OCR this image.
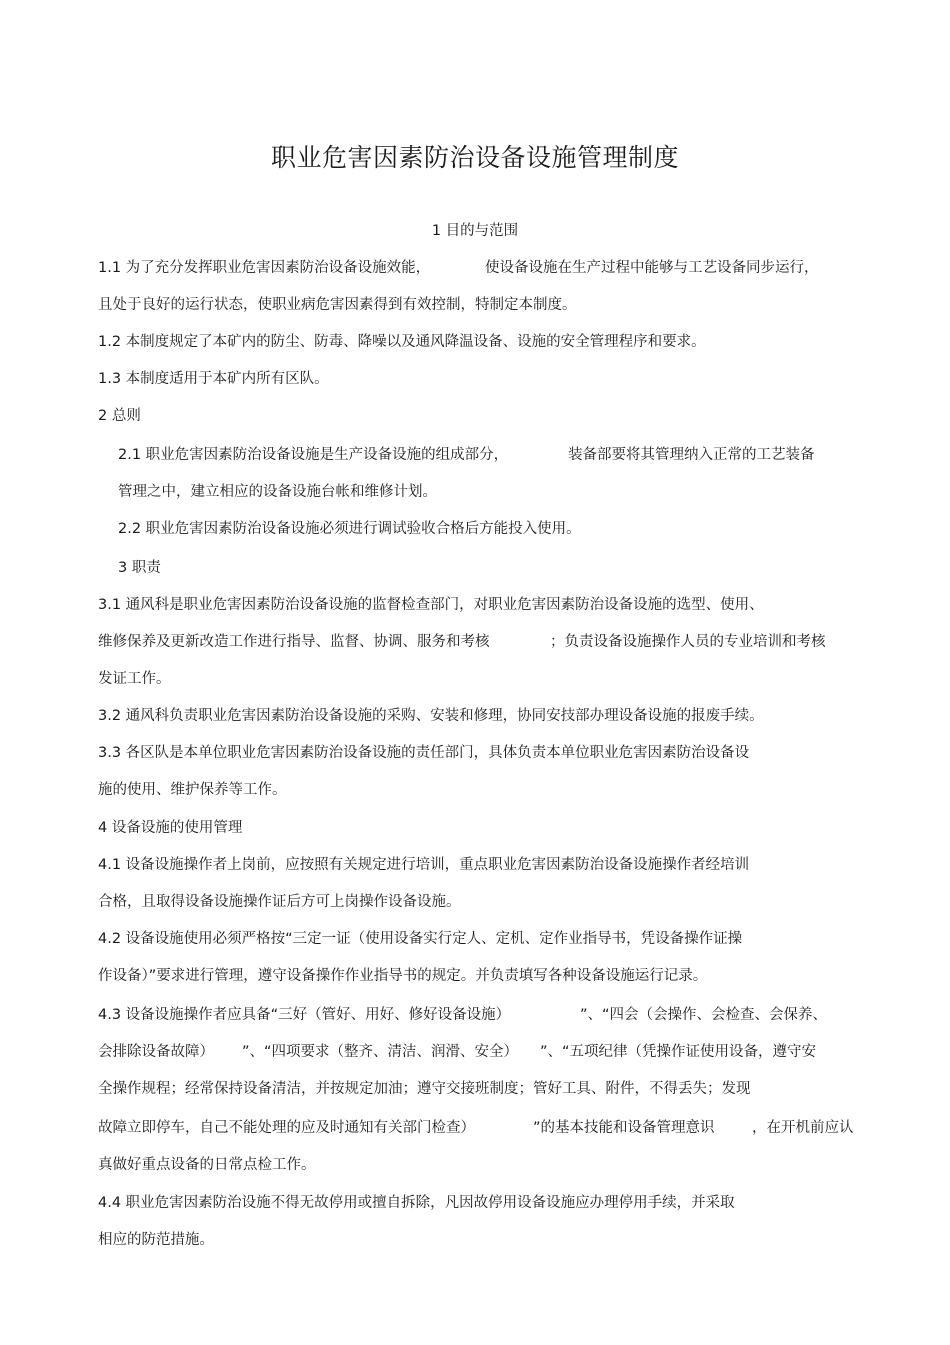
职业危害因素防治设备设施管理制度
1 目的与范围
1.1 为了充分发挥职业危害因素防治设备设施效能，	使设备设施在生产过程中能够与工艺设备同步运行，
且处于良好的运行状态，使职业病危害因素得到有效控制，特制定本制度。
1.2 本制度规定了本矿内的防尘、防毒、降噪以及通风降温设备、设施的安全管理程序和要求。
1.3 本制度适用于本矿内所有区队。
2 总则
2.1 职业危害因素防治设备设施是生产设备设施的组成部分，	装备部要将其管理纳入正常的工艺装备
管理之中，建立相应的设备设施台帐和维修计划。
2.2 职业危害因素防治设备设施必须进行调试验收合格后方能投入使用。
3 职责
3.1 通风科是职业危害因素防治设备设施的监督检查部门，对职业危害因素防治设备设施的选型、使用、
维修保养及更新改造工作进行指导、监督、协调、服务和考核	；负责设备设施操作人员的专业培训和考核
发证工作。
3.2 通风科负责职业危害因素防治设备设施的采购、安装和修理，协同安技部办理设备设施的报废手续。
3.3 各区队是本单位职业危害因素防治设备设施的责任部门，具体负责本单位职业危害因素防治设备设
施的使用、维护保养等工作。
4 设备设施的使用管理
4.1 设备设施操作者上岗前，应按照有关规定进行培训，重点职业危害因素防治设备设施操作者经培训
合格，且取得设备设施操作证后方可上岗操作设备设施。
4.2 设备设施使用必须严格按“三定一证（使用设备实行定人、定机、定作业指导书，凭设备操作证操
作设备）”要求进行管理，遵守设备操作作业指导书的规定。并负责填写各种设备设施运行记录。
4.3 设备设施操作者应具备“三好（管好、用好、修好设备设施）	”、“四会（会操作、会检查、会保养、
会排除设备故障） ”、“四项要求（整齐、清洁、润滑、安全） ”、“五项纪律（凭操作证使用设备，遵守安
全操作规程；经常保持设备清洁，并按规定加油；遵守交接班制度；管好工具、附件，不得丢失；发现
故障立即停车，自己不能处理的应及时通知有关部门检查）	”的基本技能和设备管理意识	，在开机前应认
真做好重点设备的日常点检工作。
4.4 职业危害因素防治设施不得无故停用或擅自拆除，凡因故停用设备设施应办理停用手续，并采取
相应的防范措施。
